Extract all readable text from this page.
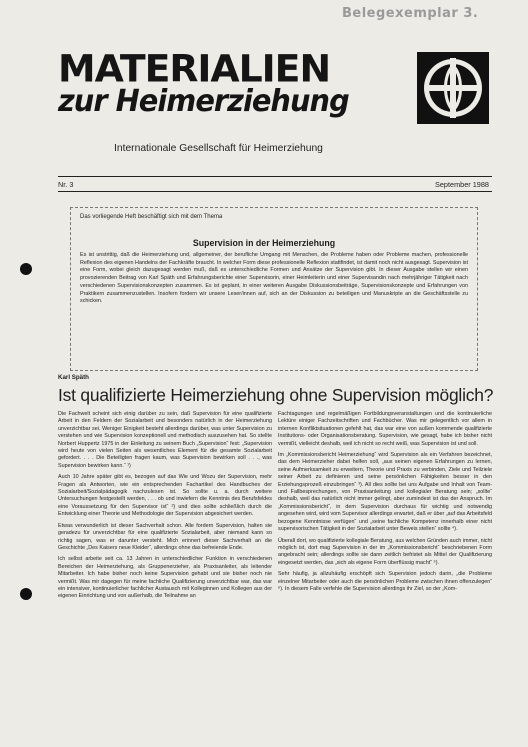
Belegexemplar 3.
MATERIALIEN
zur Heimerziehung
Internationale Gesellschaft für Heimerziehung
Nr. 3	September 1988
Das vorliegende Heft beschäftigt sich mit dem Thema
Supervision in der Heimerziehung

Es ist unstrittig, daß die Heimerziehung und, allgemeiner, der berufliche Umgang mit Menschen, die Probleme haben oder Probleme machen, professionelle Reflexion des eigenen Handelns der Fachkräfte braucht. In welcher Form diese professionelle Reflexion stattfindet, ist damit noch nicht ausgesagt. Supervision ist eine Form, wobei gleich dazugesagt werden muß, daß es unterschiedliche Formen und Ansätze der Supervision gibt. In dieser Ausgabe stellen wir einen provozierenden Beitrag von Karl Späth und Erfahrungsberichte einer Supervisorin, einer Heimleiterin und einer Supervisandin nach mehrjähriger Tätigkeit nach verschiedenen Supervisionskonzepten zusammen. Es ist geplant, in einer weiteren Ausgabe Diskussionsbeiträge, Supervisionskonzepte und Erfahrungen von Praktikern zusammenzustellen. Insofern fordern wir unsere Leser/innen auf, sich an der Diskussion zu beteiligen und Manuskripte an die Geschäftsstelle zu schicken.

Karl Späth
Ist qualifizierte Heimerziehung ohne Supervision möglich?

Die Fachwelt scheint sich einig darüber zu sein, daß Supervision für eine qualifizierte Arbeit in den Feldern der Sozialarbeit und besonders natürlich in der Heimerziehung unverzichtbar sei. Weniger Einigkeit besteht allerdings darüber, was unter Supervision zu verstehen und wie Supervision konzeptionell und methodisch auszusehen hat. So stellte Norbert Huppertz 1975 in der Einleitung zu seinem Buch „Supervision“ fest: „Supervision wird heute von vielen Seiten als wesentliches Element für die gesamte Sozialarbeit gefordert. . . . Die Beteiligten fragen kaum, was Supervision bewirken soll . . ., was Supervision bewirken kann.“ ¹)

Auch 10 Jahre später gibt es, bezogen auf das Wie und Wozu der Supervision, mehr Fragen als Antworten, wie ein entsprechenden Fachartikel des Handbuches der Sozialarbeit/Sozialpädagogik nachzulesen ist. So sollte u. a. durch weitere Untersuchungen festgestellt werden, . . . ob und inwiefern die Kenntnis des Berufsfeldes eine Voraussetzung für den Supervisor ist“ ²) und dies sollte schließlich durch die Entwicklung einer Theorie und Methodologie der Supervision abgesichert werden.

Etwas verwunderlich ist dieser Sachverhalt schon. Alle fordern Supervision, halten sie geradezu für unverzichtbar für eine qualifizierte Sozialarbeit, aber niemand kann so richtig sagen, was er darunter versteht. Mich erinnert dieser Sachverhalt an die Geschichte „Des Kaisers neue Kleider“, allerdings ohne das befreiende Ende.

Ich selbst arbeite seit ca. 13 Jahren in unterschiedlicher Funktion in verschiedenen Bereichen der Heimerziehung, als Gruppenerzieher, als Praxisanleiter, als leitender Mitarbeiter. Ich habe bisher noch keine Supervision gehabt und sie bisher noch nie vermißt. Was mir dagegen für meine fachliche Qualifizierung unverzichtbar war, das war ein intensiver, kontinuierlicher fachlicher Austausch mit Kolleginnen und Kollegen aus der eigenen Einrichtung und von außerhalb, die Teilnahme an

Fachtagungen und regelmäßigen Fortbildungsveranstaltungen und die kontinuierliche Lektüre einiger Fachzeitschriften und Fachbücher. Was mir gelegentlich vor allem in internen Konfliktsituationen gefehlt hat, das war eine von außen kommende qualifizierte Institutions- oder Organisationsberatung. Supervision, wie gesagt, habe ich bisher nicht vermißt, vielleicht deshalb, weil ich nicht so recht weiß, was Supervision ist und soll.

Im „Kommissionsbericht Heimerziehung“ wird Supervision als ein Verfahren bezeichnet, das dem Heimerzieher dabei helfen soll, „aus seinen eigenen Erfahrungen zu lernen, seine Aufmerksamkeit zu erweitern, Theorie und Praxis zu verbinden, Ziele und Teilziele seiner Arbeit zu definieren und seine persönlichen Fähigkeiten besser in den Erziehungsprozeß einzubringen“ ³). All dies sollte bei uns Aufgabe und Inhalt von Team- und Fallbesprechungen, von Praxisanleitung und kollegialer Beratung sein; „sollte“ deshalb, weil das natürlich nicht immer gelingt, aber zumindest ist das der Anspruch. Im „Kommissionsbericht“, in dem Supervision durchaus für wichtig und notwendig angesehen wird, wird vom Supervisor allerdings erwartet, daß er über „auf das Arbeitsfeld bezogene Kenntnisse verfügen“ und „seine fachliche Kompetenz innerhalb einer nicht supervisorischen Tätigkeit in der Sozialarbeit unter Beweis stellen“ sollte ⁴).

Überall dort, wo qualifizierte kollegiale Beratung, aus welchen Gründen auch immer, nicht möglich ist, dort mag Supervision in der im „Kommissionsbericht“ beschriebenen Form angebracht sein; allerdings sollte sie dann zeitlich befristet als Mittel der Qualifizierung eingesetzt werden, das „sich als eigene Form überflüssig macht“ ⁵).

Sehr häufig, ja allzuhäufig erschöpft sich Supervision jedoch darin, „die Probleme einzelner Mitarbeiter oder auch die persönlichen Probleme zwischen ihnen offenzulegen“ ⁶). In diesem Falle verfehle die Supervision allerdings ihr Ziel, so der „Kom-
